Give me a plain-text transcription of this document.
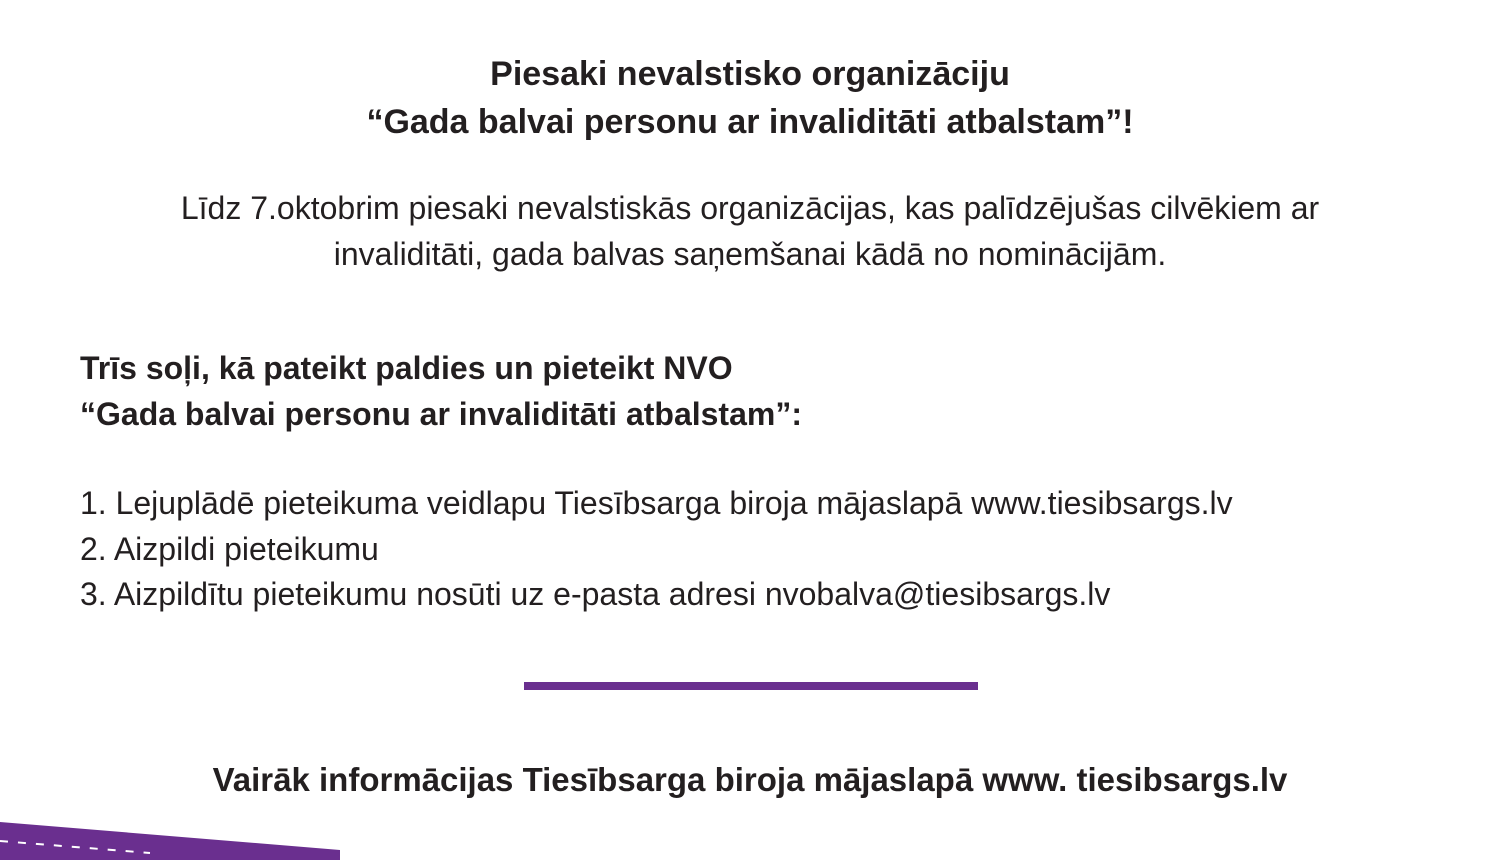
Piesaki nevalstisko organizāciju
“Gada balvai personu ar invaliditāti atbalstam”!
Līdz 7.oktobrim piesaki nevalstiskās organizācijas, kas palīdzējušas cilvēkiem ar
invaliditāti, gada balvas saņemšanai kādā no nominācijām.
Trīs soļi, kā pateikt paldies un pieteikt NVO
“Gada balvai personu ar invaliditāti atbalstam”:
1. Lejuplādē pieteikuma veidlapu Tiesībsarga biroja mājaslapā www.tiesibsargs.lv
2. Aizpildi pieteikumu
3. Aizpildītu pieteikumu nosūti uz e-pasta adresi nvobalva@tiesibsargs.lv
Vairāk informācijas Tiesībsarga biroja mājaslapā www. tiesibsargs.lv
